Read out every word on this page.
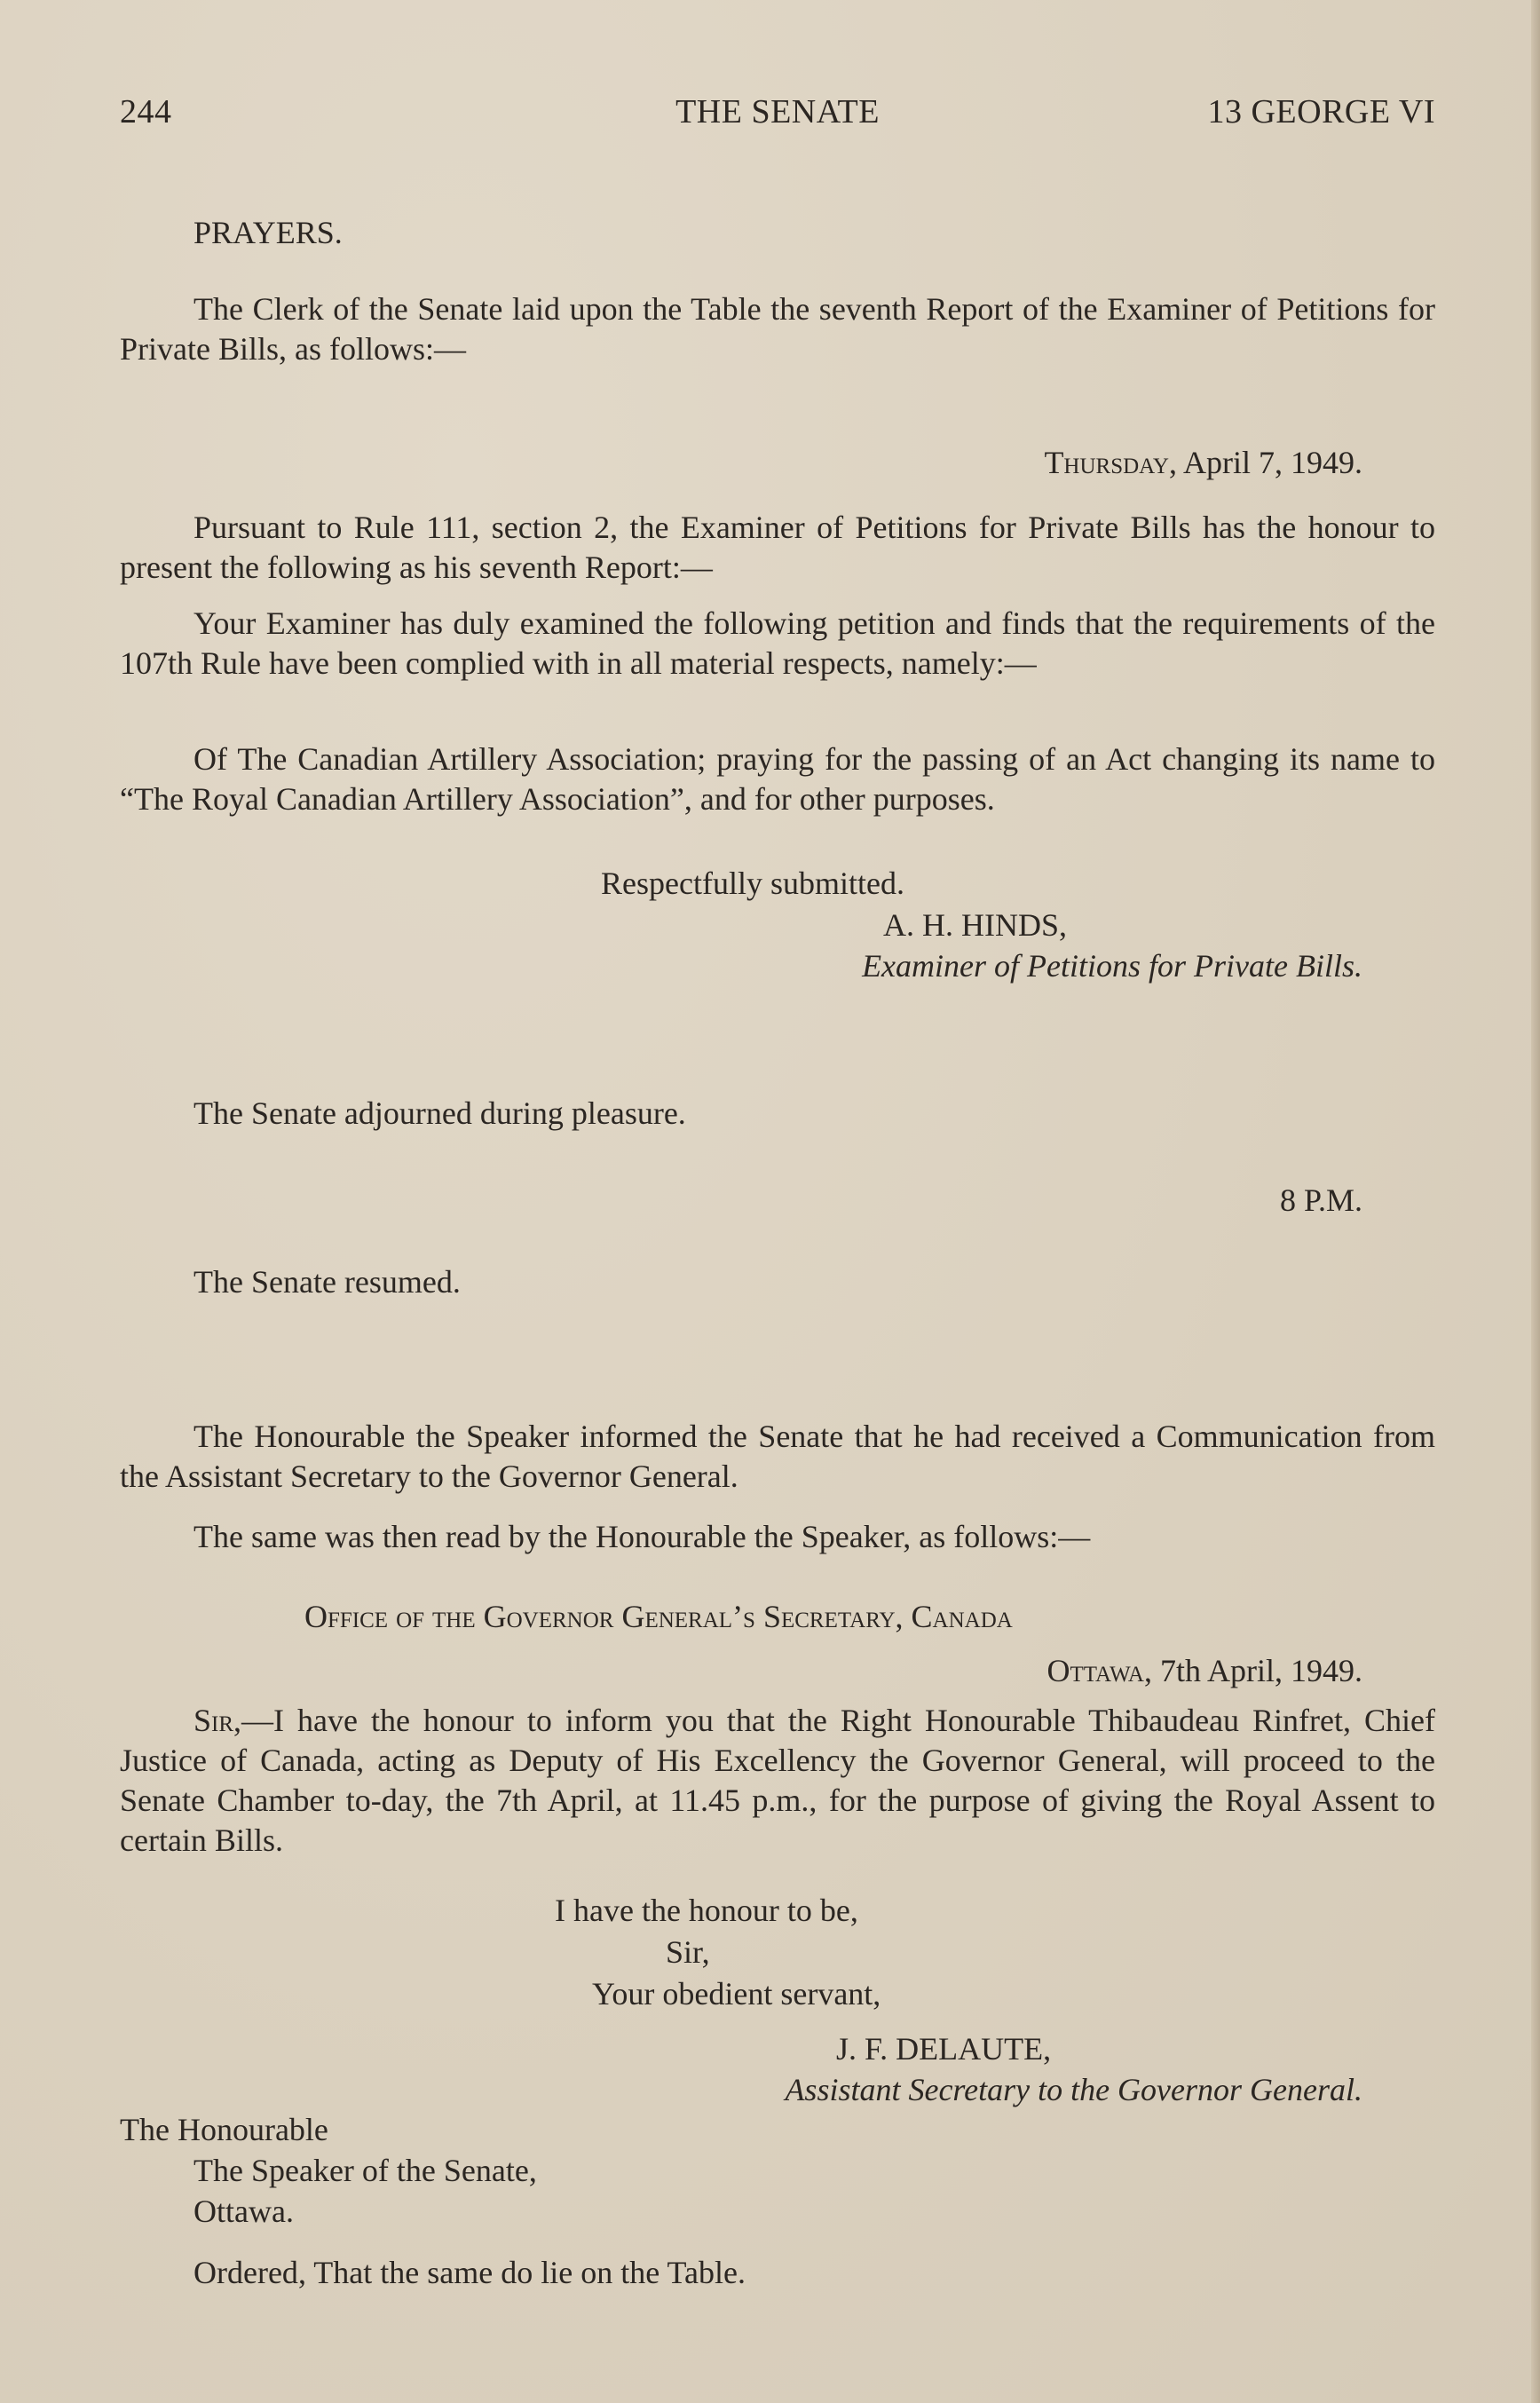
244	THE SENATE	13 GEORGE VI

PRAYERS.

The Clerk of the Senate laid upon the Table the seventh Report of the Examiner of Petitions for Private Bills, as follows:—

Thursday, April 7, 1949.

Pursuant to Rule 111, section 2, the Examiner of Petitions for Private Bills has the honour to present the following as his seventh Report:—

Your Examiner has duly examined the following petition and finds that the requirements of the 107th Rule have been complied with in all material respects, namely:—

Of The Canadian Artillery Association; praying for the passing of an Act changing its name to “The Royal Canadian Artillery Association”, and for other purposes.

Respectfully submitted.
A. H. HINDS,
Examiner of Petitions for Private Bills.

The Senate adjourned during pleasure.

8 P.M.

The Senate resumed.

The Honourable the Speaker informed the Senate that he had received a Communication from the Assistant Secretary to the Governor General.

The same was then read by the Honourable the Speaker, as follows:—

Office of the Governor General’s Secretary, Canada
Ottawa, 7th April, 1949.

Sir,—I have the honour to inform you that the Right Honourable Thibaudeau Rinfret, Chief Justice of Canada, acting as Deputy of His Excellency the Governor General, will proceed to the Senate Chamber to-day, the 7th April, at 11.45 p.m., for the purpose of giving the Royal Assent to certain Bills.

I have the honour to be,
Sir,
Your obedient servant,
J. F. DELAUTE,
Assistant Secretary to the Governor General.
The Honourable
The Speaker of the Senate,
Ottawa.

Ordered, That the same do lie on the Table.
